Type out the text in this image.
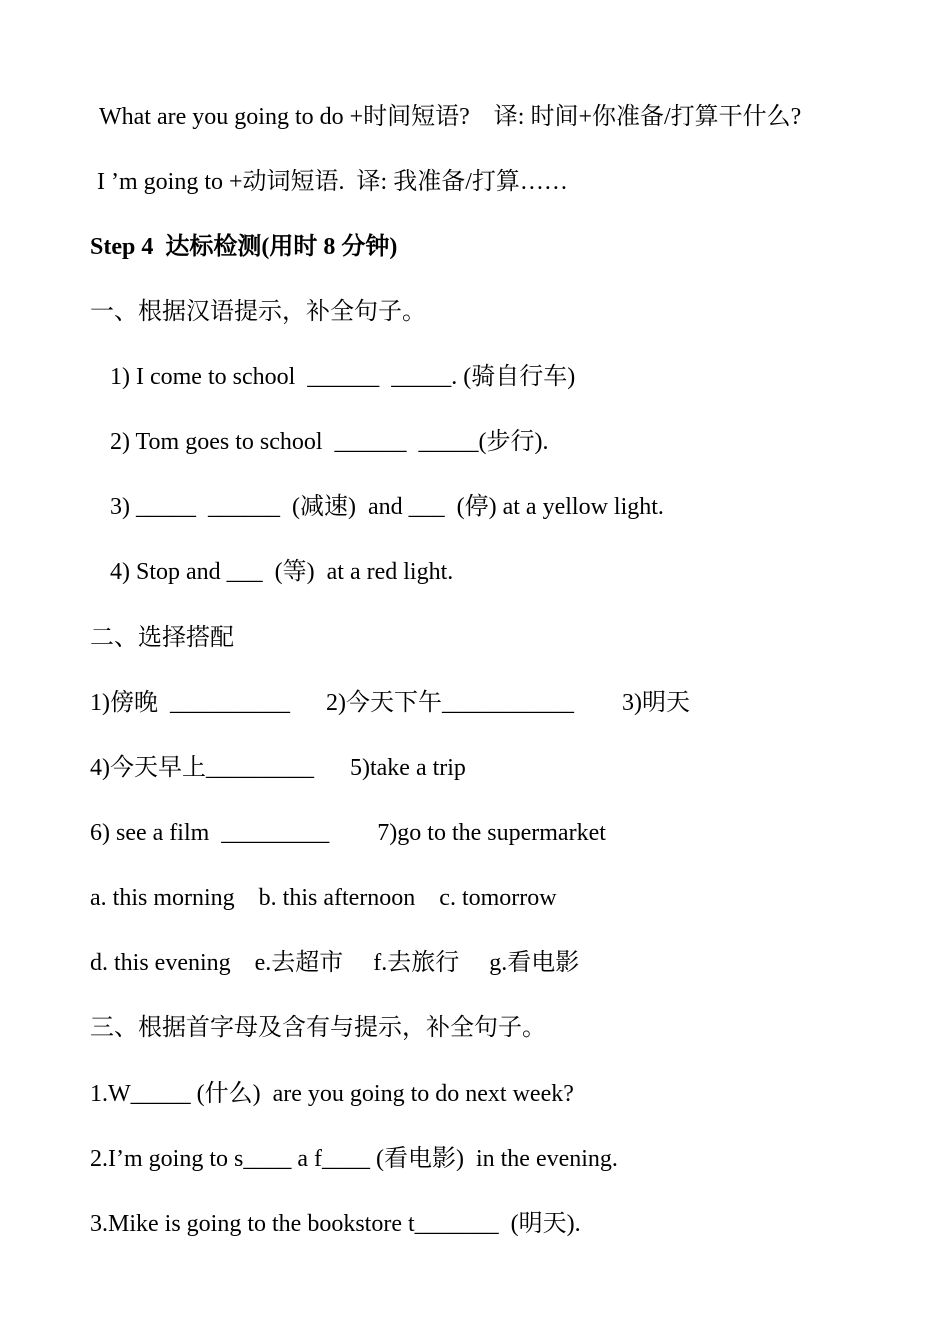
What are you going to do +时间短语?    译: 时间+你准备/打算干什么?
I ’m going to +动词短语.  译: 我准备/打算……
Step 4  达标检测(用时 8 分钟)
一、根据汉语提示，补全句子。
1) I come to school  ______  _____. (骑自行车)
2) Tom goes to school  ______  _____(步行).
3) _____  ______  (减速)  and ___  (停) at a yellow light.
4) Stop and ___  (等)  at a red light.
二、选择搭配
1)傍晚  __________      2)今天下午___________        3)明天
4)今天早上_________      5)take a trip
6) see a film  _________        7)go to the supermarket
a. this morning    b. this afternoon    c. tomorrow
d. this evening    e.去超市     f.去旅行     g.看电影
三、根据首字母及含有与提示，补全句子。
1.W_____ (什么)  are you going to do next week?
2.I’m going to s____ a f____ (看电影)  in the evening.
3.Mike is going to the bookstore t_______  (明天).
